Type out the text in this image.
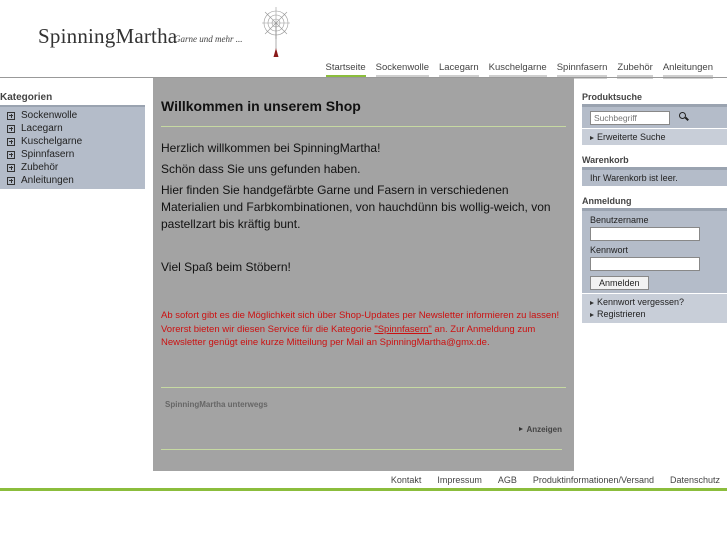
SpinningMartha
Garne und mehr ...
Startseite Sockenwolle Lacegarn Kuschelgarne Spinnfasern Zubehör Anleitungen
Kategorien
Sockenwolle
Lacegarn
Kuschelgarne
Spinnfasern
Zubehör
Anleitungen
Willkommen in unserem Shop

Herzlich willkommen bei SpinningMartha!

Schön dass Sie uns gefunden haben.

Hier finden Sie handgefärbte Garne und Fasern in verschiedenen Materialien und Farbkombinationen, von hauchdünn bis wollig-weich, von pastellzart bis kräftig bunt.

Viel Spaß beim Stöbern!

Ab sofort gibt es die Möglichkeit sich über Shop-Updates per Newsletter informieren zu lassen! Vorerst bieten wir diesen Service für die Kategorie "Spinnfasern" an. Zur Anmeldung zum Newsletter genügt eine kurze Mitteilung per Mail an SpinningMartha@gmx.de.
SpinningMartha unterwegs
Anzeigen
Produktsuche
Suchbegriff
Erweiterte Suche
Warenkorb
Ihr Warenkorb ist leer.
Anmeldung
Benutzername
Kennwort
Anmelden
Kennwort vergessen?
Registrieren
Kontakt Impressum AGB Produktinformationen/Versand Datenschutz
